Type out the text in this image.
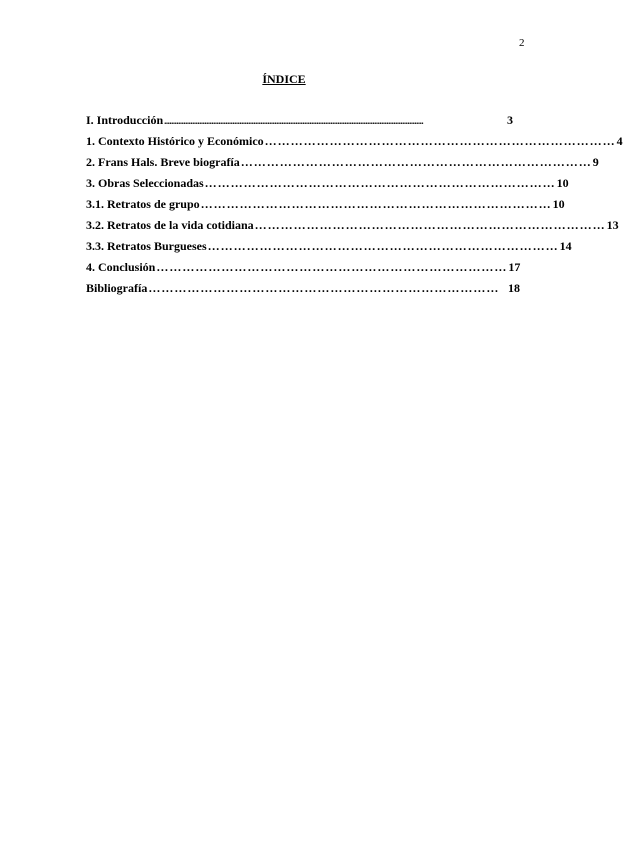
2
ÍNDICE
I. Introducción ....................................................................................................................................................	3
1. Contexto Histórico y Económico ……………………………………………………………………… 4
2. Frans Hals. Breve biografía ……………………………………………………………………… 9
3. Obras Seleccionadas ……………………………………………………………………… 10
3.1. Retratos de grupo ……………………………………………………………………… 10
3.2. Retratos de la vida cotidiana ……………………………………………………………………… 13
3.3. Retratos Burgueses ……………………………………………………………………… 14
4. Conclusión ……………………………………………………………………… 17
Bibliografía ……………………………………………………………………… 18
